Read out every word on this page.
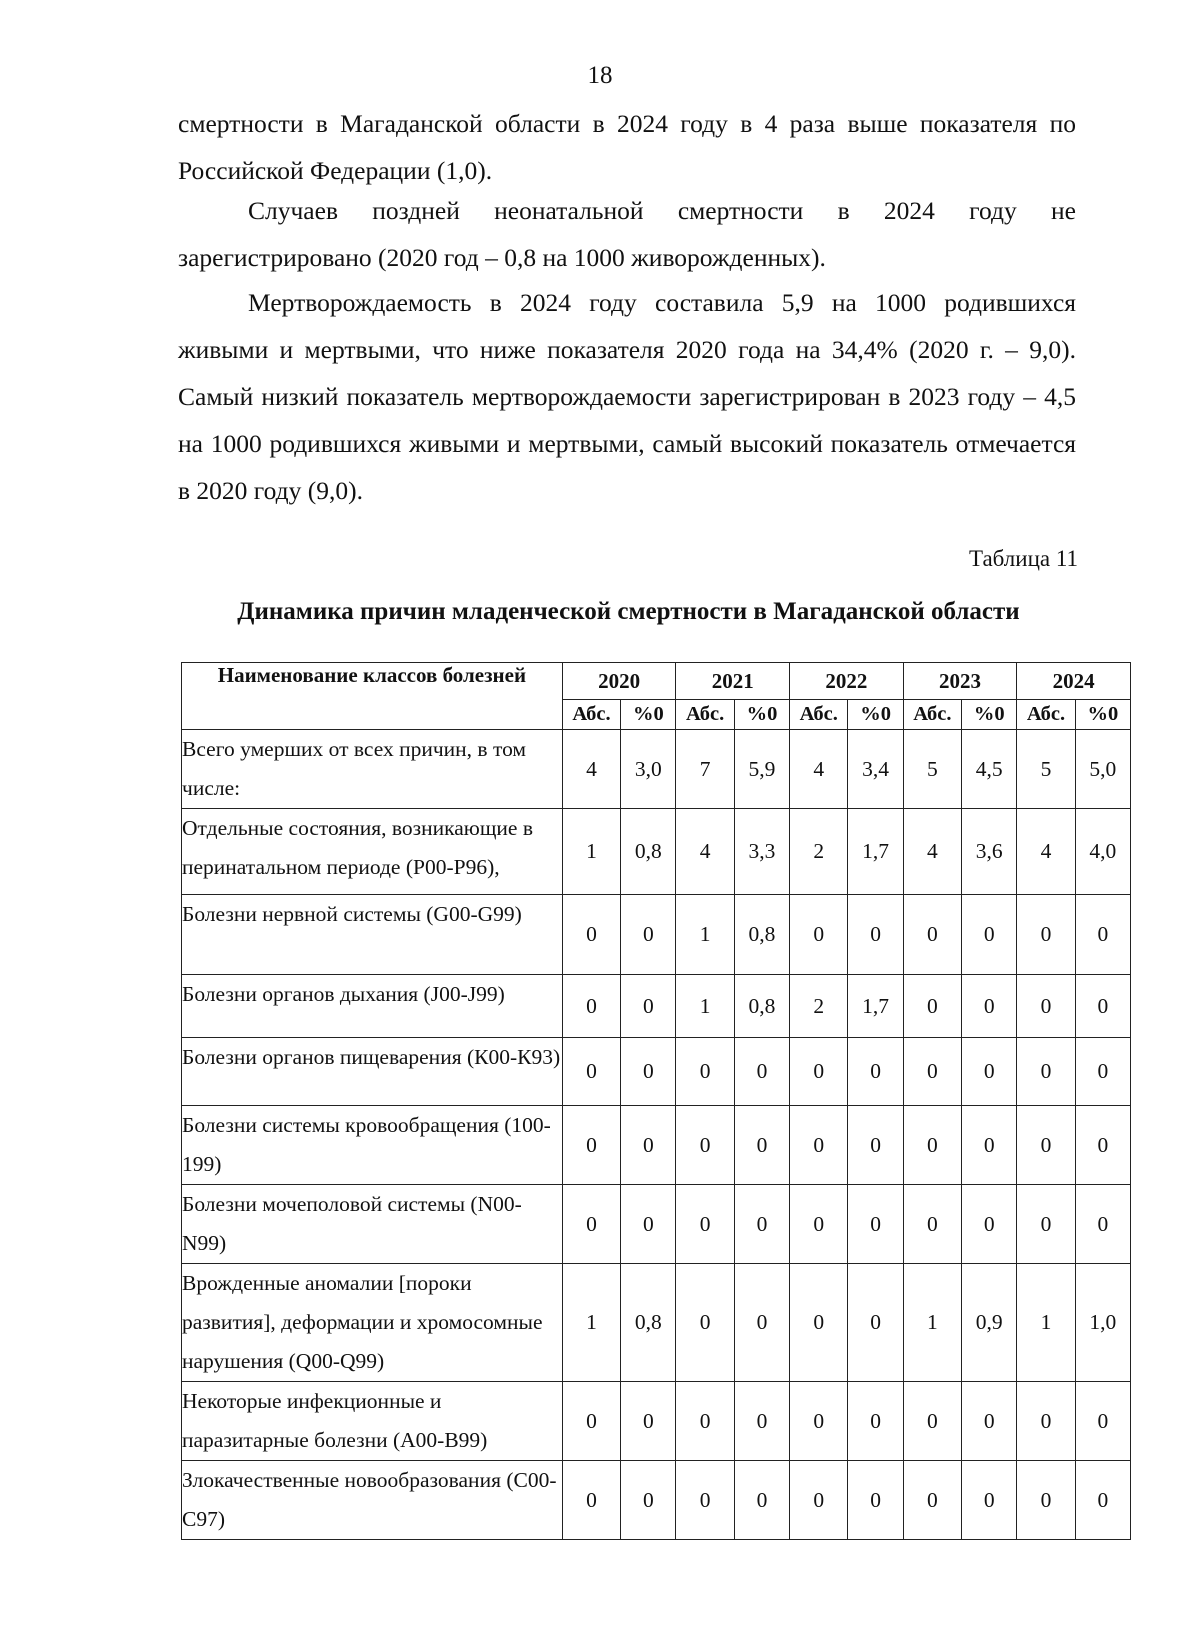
18

смертности в Магаданской области в 2024 году в 4 раза выше показателя по Российской Федерации (1,0).

Случаев поздней неонатальной смертности в 2024 году не зарегистрировано (2020 год – 0,8 на 1000 живорожденных).

Мертворождаемость в 2024 году составила 5,9 на 1000 родившихся живыми и мертвыми, что ниже показателя 2020 года на 34,4% (2020 г. – 9,0). Самый низкий показатель мертворождаемости зарегистрирован в 2023 году – 4,5 на 1000 родившихся живыми и мертвыми, самый высокий показатель отмечается в 2020 году (9,0).

Таблица 11
Динамика причин младенческой смертности в Магаданской области
Наименование классов болезней	2020		2021		2022		2023		2024	
	Абс.	%0	Абс.	%0	Абс.	%0	Абс.	%0	Абс.	%0
Всего умерших от всех причин, в том числе:	4	3,0	7	5,9	4	3,4	5	4,5	5	5,0
Отдельные состояния, возникающие в перинатальном периоде (Р00-Р96),	1	0,8	4	3,3	2	1,7	4	3,6	4	4,0
Болезни нервной системы (G00-G99)	0	0	1	0,8	0	0	0	0	0	0
Болезни органов дыхания (J00-J99)	0	0	1	0,8	2	1,7	0	0	0	0
Болезни органов пищеварения (К00-К93)	0	0	0	0	0	0	0	0	0	0
Болезни системы кровообращения (100- 199)	0	0	0	0	0	0	0	0	0	0
Болезни мочеполовой системы (N00-N99)	0	0	0	0	0	0	0	0	0	0
Врожденные аномалии [пороки развития], деформации и хромосомные нарушения (Q00-Q99)	1	0,8	0	0	0	0	1	0,9	1	1,0
Некоторые инфекционные и паразитарные болезни (А00-В99)	0	0	0	0	0	0	0	0	0	0
Злокачественные новообразования (С00- С97)	0	0	0	0	0	0	0	0	0	0
